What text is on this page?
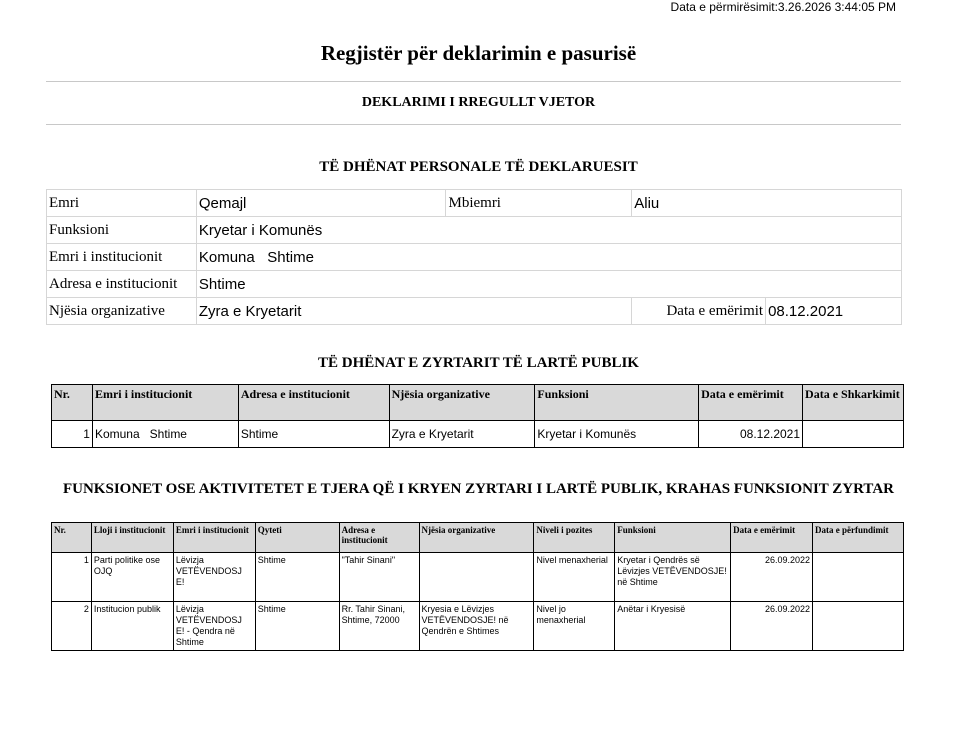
Data e përmirësimit:3.26.2026 3:44:05 PM
Regjistër për deklarimin e pasurisë
DEKLARIMI I RREGULLT VJETOR
TË DHËNAT PERSONALE TË DEKLARUESIT
Emri	Qemajl	Mbiemri	Aliu	
Funksioni	Kryetar i Komunës			
Emri i institucionit	Komuna   Shtime			
Adresa e institucionit	Shtime			
Njësia organizative	Zyra e Kryetarit		Data e emërimit	08.12.2021
TË DHËNAT E ZYRTARIT TË LARTË PUBLIK
Nr.	Emri i institucionit	Adresa e institucionit	Njësia organizative	Funksioni	Data e emërimit	Data e Shkarkimit
1	Komuna   Shtime	Shtime	Zyra e Kryetarit	Kryetar i Komunës	08.12.2021	
FUNKSIONET OSE AKTIVITETET E TJERA QË I KRYEN ZYRTARI I LARTË PUBLIK, KRAHAS FUNKSIONIT ZYRTAR
Nr.	Lloji i institucionit	Emri i institucionit	Qyteti	Adresa e institucionit	Njësia organizative	Niveli i pozites	Funksioni	Data e emërimit	Data e përfundimit
1	Parti politike ose OJQ	Lëvizja VETËVENDOSJ E!	Shtime	"Tahir Sinani"		Nivel menaxherial	Kryetar i Qendrës së Lëvizjes VETËVENDOSJE! në Shtime	26.09.2022	
2	Institucion publik	Lëvizja VETËVENDOSJ E! - Qendra në Shtime	Shtime	Rr. Tahir Sinani, Shtime, 72000	Kryesia e Lëvizjes VETËVENDOSJE! në Qendrën e Shtimes	Nivel jo menaxherial	Anëtar i Kryesisë	26.09.2022	
